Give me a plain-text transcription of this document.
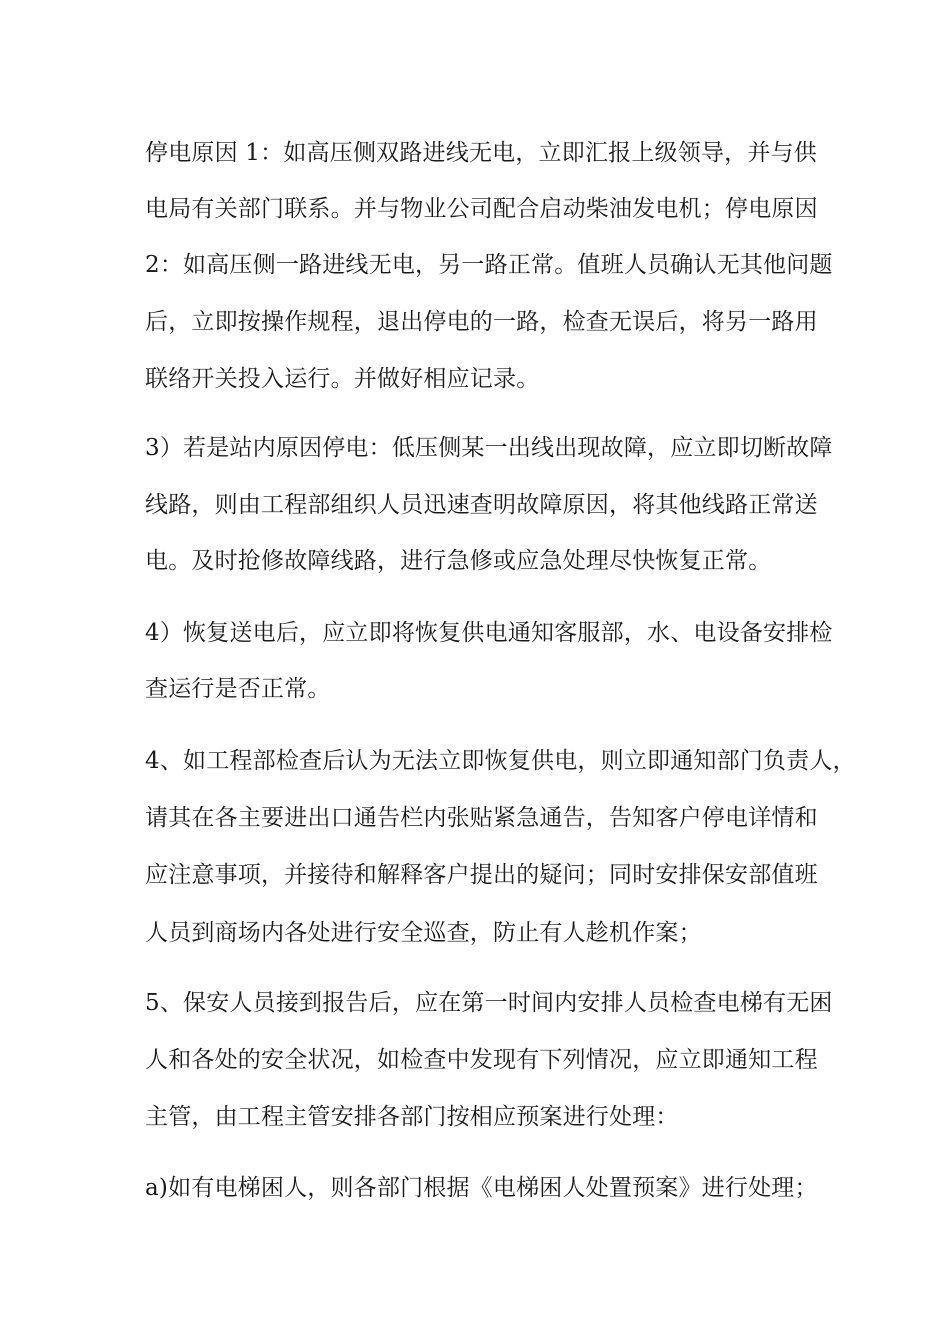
停电原因 1：如高压侧双路进线无电，立即汇报上级领导，并与供
电局有关部门联系。并与物业公司配合启动柴油发电机；停电原因
2：如高压侧一路进线无电，另一路正常。值班人员确认无其他问题
后，立即按操作规程，退出停电的一路，检查无误后，将另一路用
联络开关投入运行。并做好相应记录。
3）若是站内原因停电：低压侧某一出线出现故障，应立即切断故障
线路，则由工程部组织人员迅速查明故障原因，将其他线路正常送
电。及时抢修故障线路，进行急修或应急处理尽快恢复正常。
4）恢复送电后，应立即将恢复供电通知客服部，水、电设备安排检
查运行是否正常。
4、如工程部检查后认为无法立即恢复供电，则立即通知部门负责人，
请其在各主要进出口通告栏内张贴紧急通告，告知客户停电详情和
应注意事项，并接待和解释客户提出的疑问；同时安排保安部值班
人员到商场内各处进行安全巡查，防止有人趁机作案；
5、保安人员接到报告后，应在第一时间内安排人员检查电梯有无困
人和各处的安全状况，如检查中发现有下列情况，应立即通知工程
主管，由工程主管安排各部门按相应预案进行处理：
a)如有电梯困人，则各部门根据《电梯困人处置预案》进行处理；
